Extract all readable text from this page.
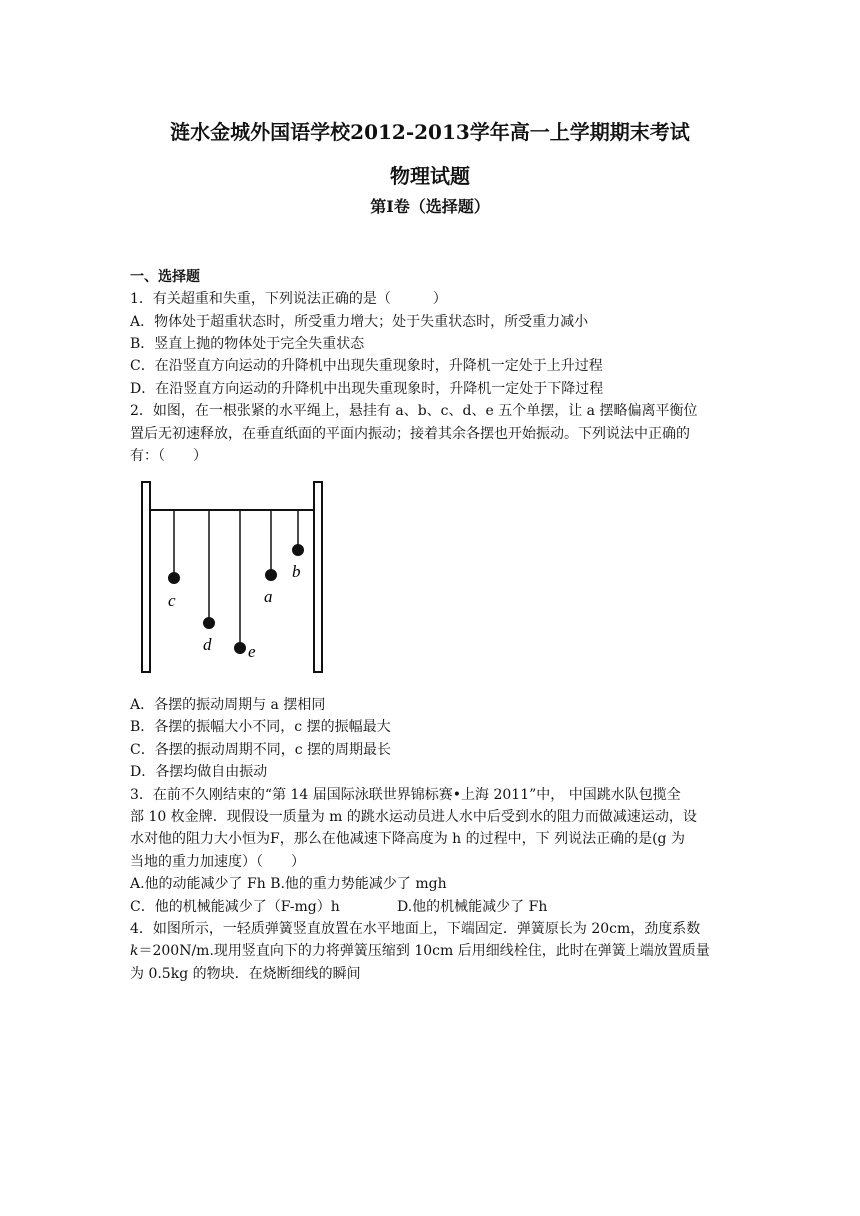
涟水金城外国语学校2012-2013学年高一上学期期末考试
物理试题
第Ⅰ卷（选择题）
一、选择题
1．有关超重和失重，下列说法正确的是（　　　）
A．物体处于超重状态时，所受重力增大；处于失重状态时，所受重力减小
B．竖直上抛的物体处于完全失重状态
C．在沿竖直方向运动的升降机中出现失重现象时，升降机一定处于上升过程
D．在沿竖直方向运动的升降机中出现失重现象时，升降机一定处于下降过程
2．如图，在一根张紧的水平绳上，悬挂有 a、b、c、d、e 五个单摆，让 a 摆略偏离平衡位
置后无初速释放，在垂直纸面的平面内振动；接着其余各摆也开始振动。下列说法中正确的
有：（　　）
c
d e
a
b
A．各摆的振动周期与 a 摆相同
B．各摆的振幅大小不同，c 摆的振幅最大
C．各摆的振动周期不同，c 摆的周期最长
D．各摆均做自由振动
3．在前不久刚结束的“第 14 届国际泳联世界锦标赛•上海 2011”中， 中国跳水队包揽全
部 10 枚金牌．现假设一质量为 m 的跳水运动员进人水中后受到水的阻力而做减速运动，设
水对他的阻力大小恒为F，那么在他减速下降高度为 h 的过程中，下 列说法正确的是(g 为
当地的重力加速度）（　　）
A.他的动能减少了 Fh B.他的重力势能减少了 mgh
C．他的机械能减少了（F-mg）h	D.他的机械能减少了 Fh
4．如图所示，一轻质弹簧竖直放置在水平地面上，下端固定．弹簧原长为 20cm，劲度系数
k＝200N/m.现用竖直向下的力将弹簧压缩到 10cm 后用细线栓住，此时在弹簧上端放置质量
为 0.5kg 的物块．在烧断细线的瞬间
